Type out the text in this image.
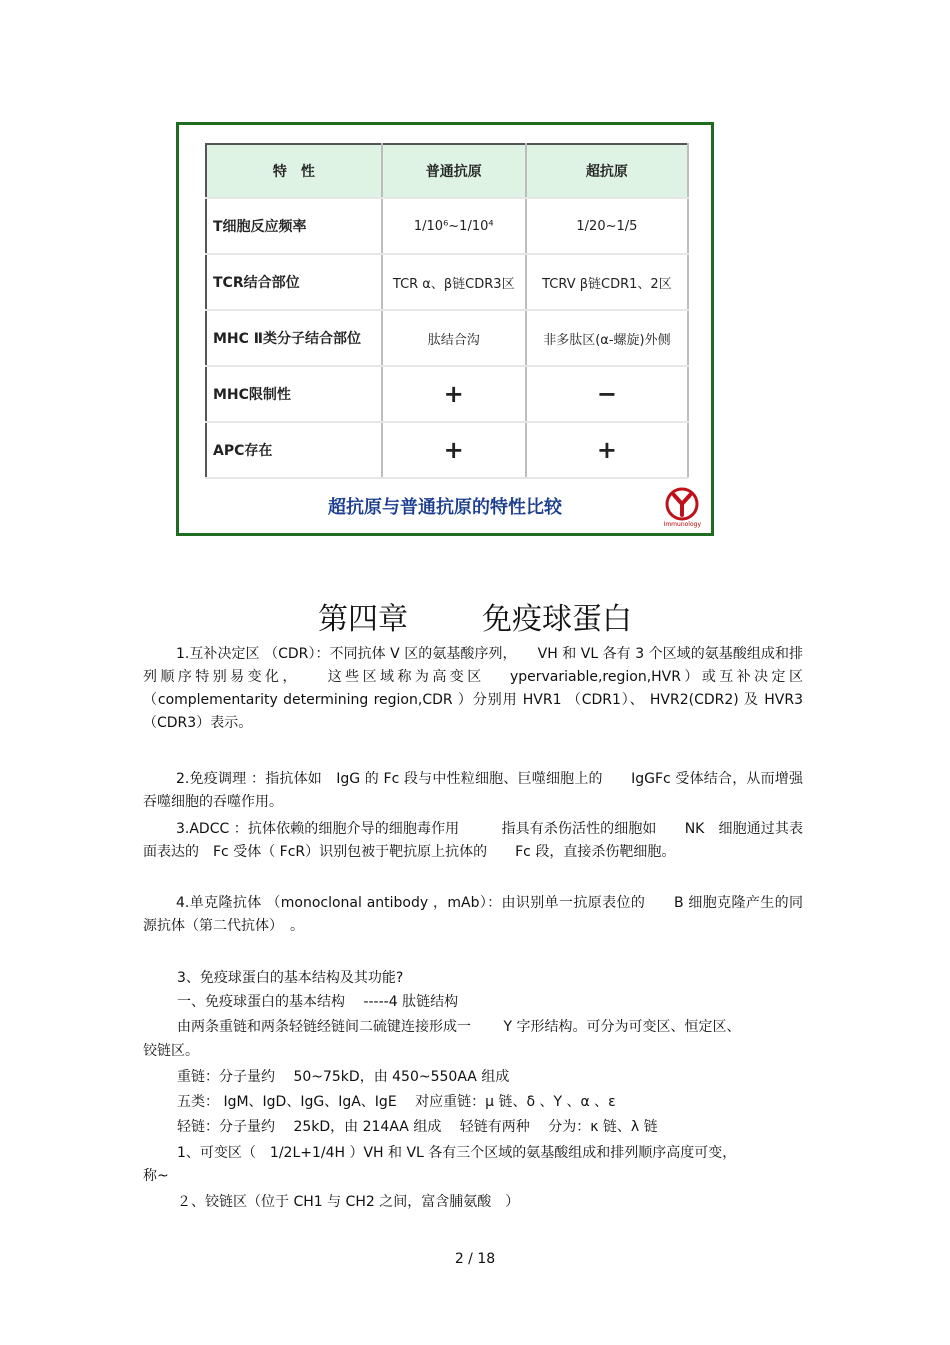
特　性	普通抗原	超抗原
T细胞反应频率	1/10⁶~1/10⁴	1/20~1/5
TCR结合部位	TCR α、β链CDR3区	TCRV β链CDR1、2区
MHC Ⅱ类分子结合部位	肽结合沟	非多肽区(α-螺旋)外侧
MHC限制性	+	−
APC存在	+	+
超抗原与普通抗原的特性比较
Immunology
第四章 免疫球蛋白
1.互补决定区 （CDR）：不同抗体 V 区的氨基酸序列，　　VH 和 VL 各有 3 个区域的氨基酸组成和排列顺序特别易变化，　　这些区域称为高变区　 ypervariable,region,HVR）或互补决定区（complementarity determining region,CDR ）分别用 HVR1 （CDR1）、 HVR2(CDR2) 及 HVR3（CDR3）表示。
2.免疫调理 ：指抗体如　IgG 的 Fc 段与中性粒细胞、巨噬细胞上的　　IgGFc 受体结合，从而增强吞噬细胞的吞噬作用。
3.ADCC ：抗体依赖的细胞介导的细胞毒作用　　　指具有杀伤活性的细胞如　　NK　细胞通过其表面表达的　Fc 受体（ FcR）识别包被于靶抗原上抗体的　　Fc 段，直接杀伤靶细胞。
4.单克隆抗体 （monoclonal antibody ，mAb）：由识别单一抗原表位的　　B 细胞克隆产生的同源抗体（第二代抗体）　。
3、免疫球蛋白的基本结构及其功能?
一、免疫球蛋白的基本结构　 -----4 肽链结构
由两条重链和两条轻链经链间二硫键连接形成一　　 Y 字形结构。可分为可变区、恒定区、
铰链区。
重链：分子量约　 50~75kD，由 450~550AA 组成
五类： IgM、IgD、IgG、IgA、IgE　 对应重链：μ 链、δ 、Υ 、α 、ε
轻链：分子量约　 25kD，由 214AA 组成　 轻链有两种　 分为：κ 链、λ 链
1、可变区（　1/2L+1/4H ）VH 和 VL 各有三个区域的氨基酸组成和排列顺序高度可变，
称~
２、铰链区（位于 CH1 与 CH2 之间，富含脯氨酸　）
2 / 18
